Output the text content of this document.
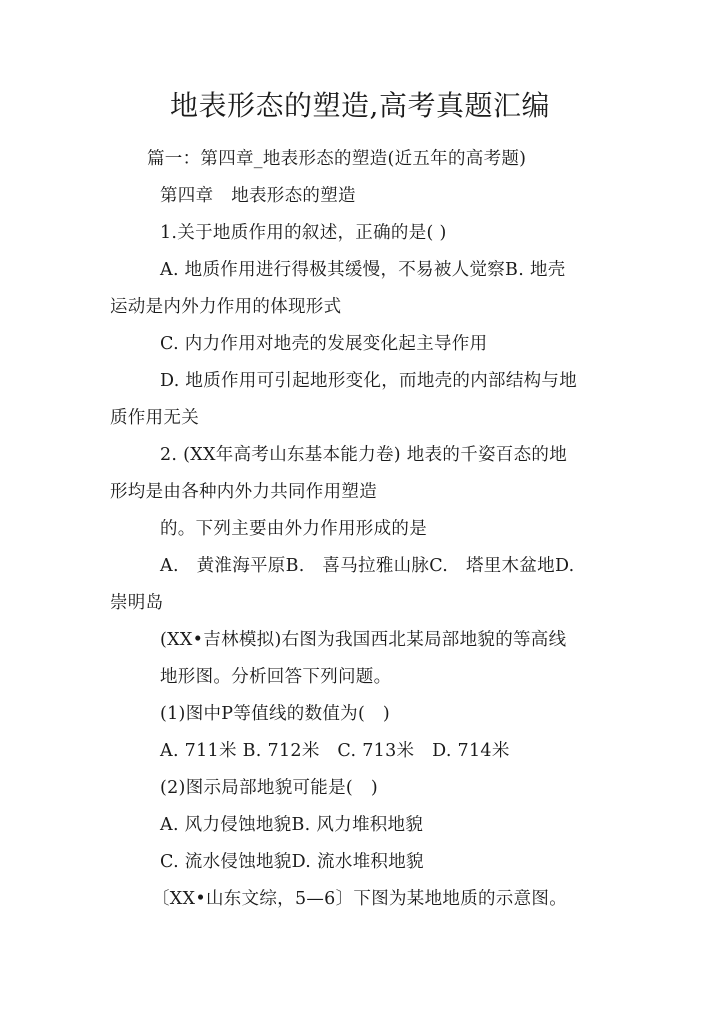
地表形态的塑造,高考真题汇编
篇一：第四章_地表形态的塑造(近五年的高考题)
第四章　地表形态的塑造
1.关于地质作用的叙述，正确的是( )
A. 地质作用进行得极其缓慢，不易被人觉察B. 地壳
运动是内外力作用的体现形式
C. 内力作用对地壳的发展变化起主导作用
D. 地质作用可引起地形变化，而地壳的内部结构与地
质作用无关
2. (XX年高考山东基本能力卷) 地表的千姿百态的地
形均是由各种内外力共同作用塑造
的。下列主要由外力作用形成的是
A.　黄淮海平原B.　喜马拉雅山脉C.　塔里木盆地D.
崇明岛
(XX•吉林模拟)右图为我国西北某局部地貌的等高线
地形图。分析回答下列问题。
(1)图中P等值线的数值为(　)
A. 711米 B. 712米　C. 713米　D. 714米
(2)图示局部地貌可能是(　)
A. 风力侵蚀地貌B. 风力堆积地貌
C. 流水侵蚀地貌D. 流水堆积地貌
〔XX•山东文综，5—6〕下图为某地地质的示意图。
